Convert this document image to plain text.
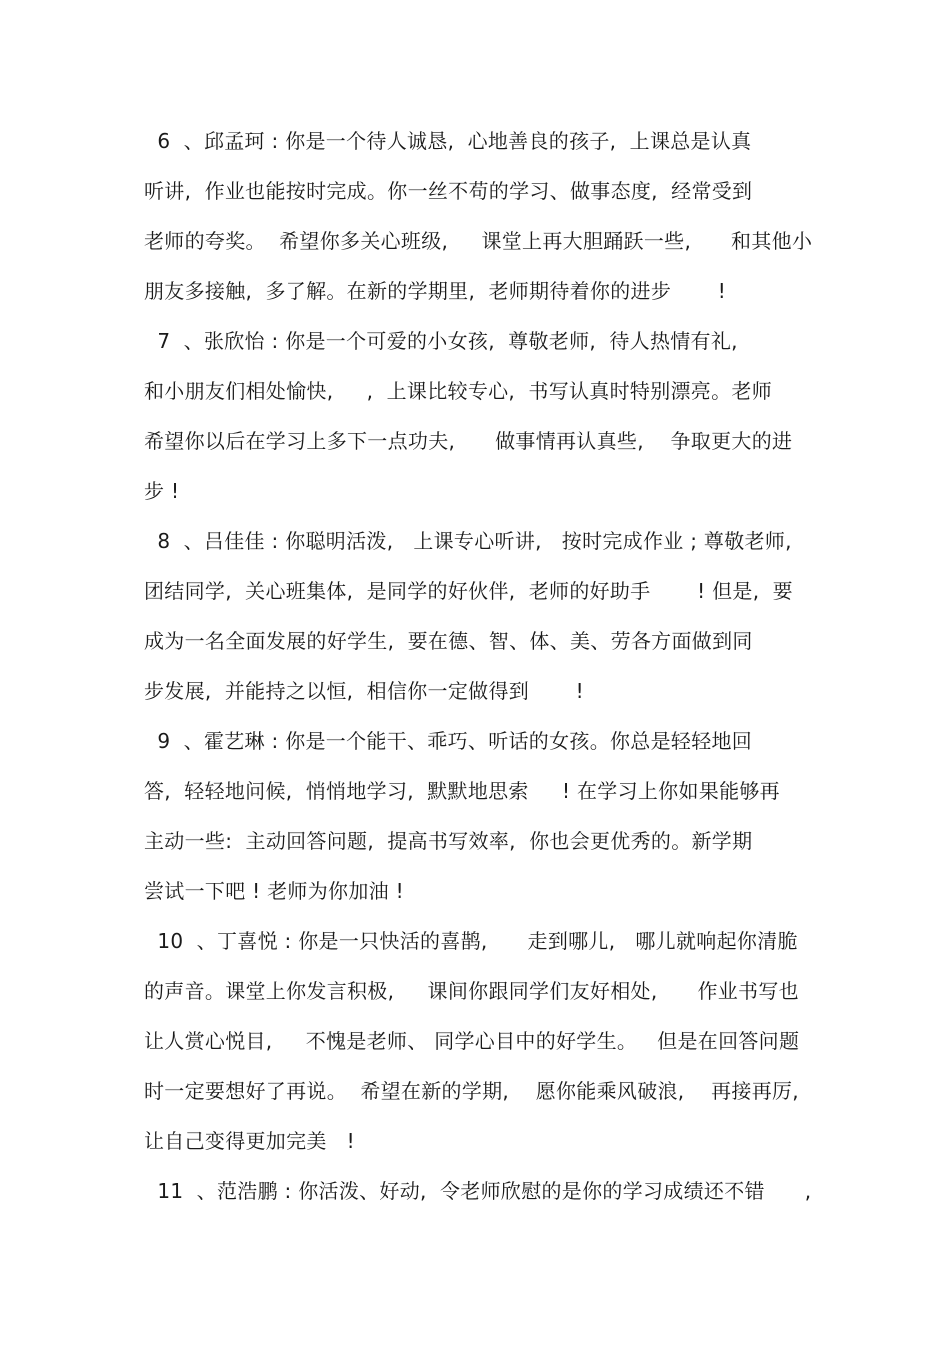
6  、邱孟珂 : 你是一个待人诚恳,  心地善良的孩子,  上课总是认真
听讲,  作业也能按时完成。你一丝不苟的学习、做事态度,  经常受到
老师的夸奖。  希望你多关心班级,     课堂上再大胆踊跃一些,      和其他小
朋友多接触,  多了解。在新的学期里,  老师期待着你的进步       !
7  、张欣怡 : 你是一个可爱的小女孩,  尊敬老师,  待人热情有礼,
和小朋友们相处愉快,     ,  上课比较专心,  书写认真时特别漂亮。老师
希望你以后在学习上多下一点功夫,      做事情再认真些,    争取更大的进
步 !
8  、吕佳佳 : 你聪明活泼,   上课专心听讲,   按时完成作业 ; 尊敬老师,
团结同学,  关心班集体,  是同学的好伙伴,  老师的好助手       ! 但是,  要
成为一名全面发展的好学生,  要在德、智、体、美、劳各方面做到同
步发展,  并能持之以恒,  相信你一定做得到       !
9  、霍艺琳 : 你是一个能干、乖巧、听话的女孩。你总是轻轻地回
答,  轻轻地问候,  悄悄地学习,  默默地思索     ! 在学习上你如果能够再
主动一些:  主动回答问题,  提高书写效率,  你也会更优秀的。新学期
尝试一下吧 ! 老师为你加油 !
10  、丁喜悦 : 你是一只快活的喜鹊,      走到哪儿,   哪儿就响起你清脆
的声音。课堂上你发言积极,     课间你跟同学们友好相处,      作业书写也
让人赏心悦目,     不愧是老师、 同学心目中的好学生。   但是在回答问题
时一定要想好了再说。  希望在新的学期,    愿你能乘风破浪,    再接再厉,
让自己变得更加完美   !
11  、范浩鹏 : 你活泼、好动,  令老师欣慰的是你的学习成绩还不错      ,
